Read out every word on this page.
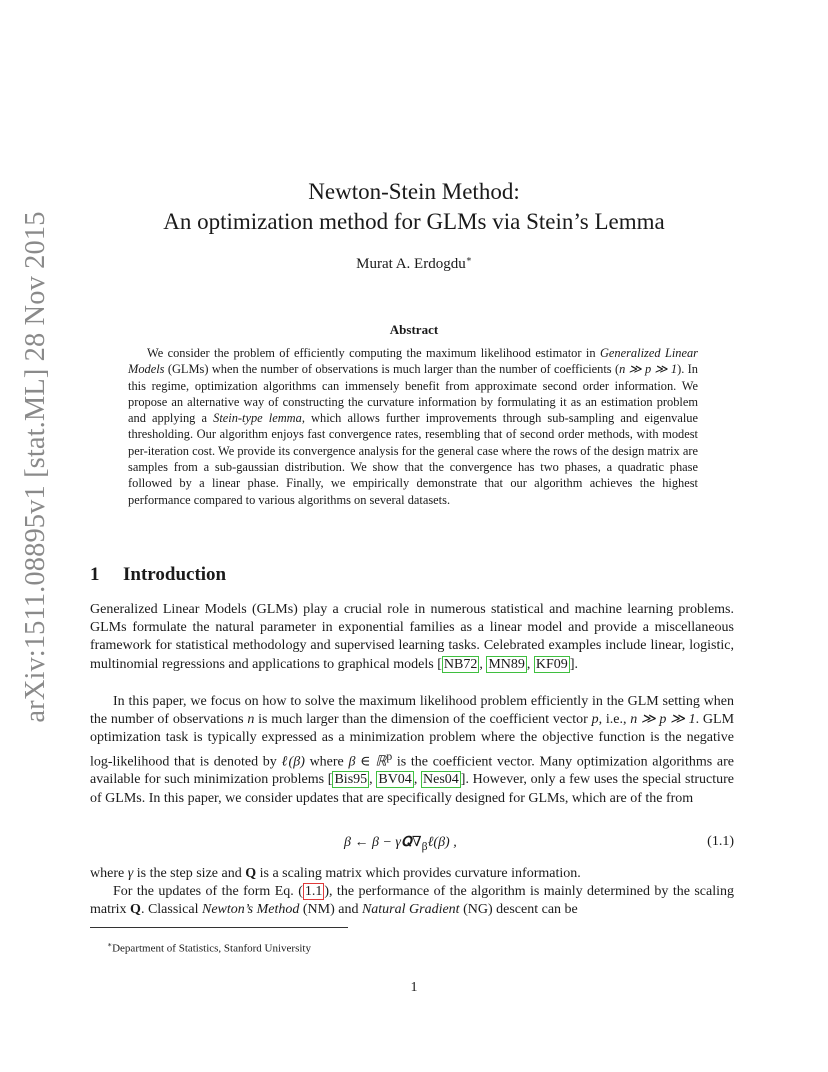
arXiv:1511.08895v1 [stat.ML] 28 Nov 2015
Newton-Stein Method:
An optimization method for GLMs via Stein’s Lemma
Murat A. Erdogdu∗
Abstract

We consider the problem of efficiently computing the maximum likelihood estimator in Generalized Linear Models (GLMs) when the number of observations is much larger than the number of coefficients (n ≫ p ≫ 1). In this regime, optimization algorithms can immensely benefit from approximate second order information. We propose an alternative way of constructing the curvature information by formulating it as an estimation problem and applying a Stein-type lemma, which allows further improvements through sub-sampling and eigenvalue thresholding. Our algorithm enjoys fast convergence rates, resembling that of second order methods, with modest per-iteration cost. We provide its convergence analysis for the general case where the rows of the design matrix are samples from a sub-gaussian distribution. We show that the convergence has two phases, a quadratic phase followed by a linear phase. Finally, we empirically demonstrate that our algorithm achieves the highest performance compared to various algorithms on several datasets.

1 Introduction

Generalized Linear Models (GLMs) play a crucial role in numerous statistical and machine learning problems. GLMs formulate the natural parameter in exponential families as a linear model and provide a miscellaneous framework for statistical methodology and supervised learning tasks. Celebrated examples include linear, logistic, multinomial regressions and applications to graphical models [ NB72 , MN89 , KF09 ].

In this paper, we focus on how to solve the maximum likelihood problem efficiently in the GLM setting when the number of observations n is much larger than the dimension of the coefficient vector p, i.e., n ≫ p ≫ 1. GLM optimization task is typically expressed as a minimization problem where the objective function is the negative log-likelihood that is denoted by ℓ(β) where β ∈ ℝ$^p$ is the coefficient vector. Many optimization algorithms are available for such minimization problems [ Bis95 , BV04 , Nes04 ]. However, only a few uses the special structure of GLMs. In this paper, we consider updates that are specifically designed for GLMs, which are of the from

β ← $\beta - \gamma 𝐐\nabla_\beta\ell(\beta)$ ,	(1.1)

where γ is the step size and Q is a scaling matrix which provides curvature information.

For the updates of the form Eq. ( 1.1 ), the performance of the algorithm is mainly determined by the scaling matrix Q. Classical Newton’s Method (NM) and Natural Gradient (NG) descent can be

∗Department of Statistics, Stanford University
1
